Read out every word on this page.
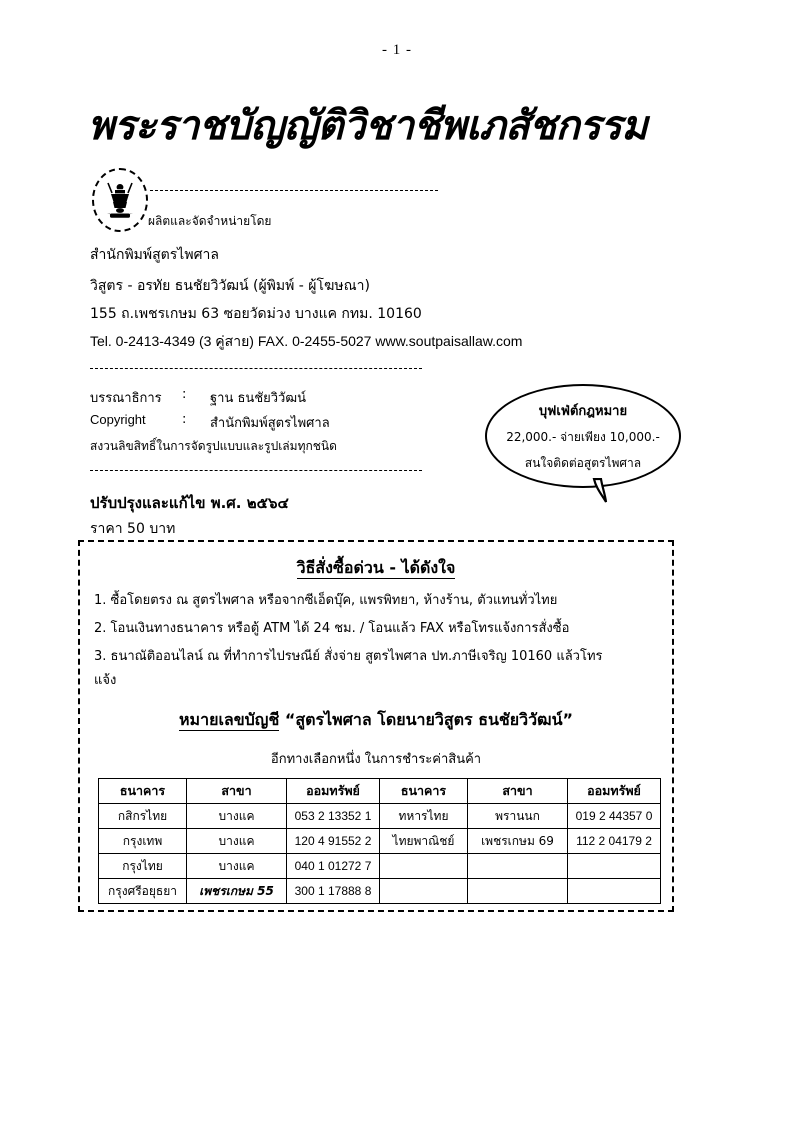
- 1 -
พระราชบัญญัติวิชาชีพเภสัชกรรม
ผลิตและจัดจำหน่ายโดย
สำนักพิมพ์สูตรไพศาล
วิสูตร - อรทัย ธนชัยวิวัฒน์ (ผู้พิมพ์ - ผู้โฆษณา)
155 ถ.เพชรเกษม 63 ซอยวัดม่วง บางแค กทม. 10160
Tel. 0-2413-4349 (3 คู่สาย) FAX. 0-2455-5027 www.soutpaisallaw.com
บรรณาธิการ : ฐาน ธนชัยวิวัฒน์
Copyright	: สำนักพิมพ์สูตรไพศาล
สงวนลิขสิทธิ์ในการจัดรูปแบบและรูปเล่มทุกชนิด
ปรับปรุงและแก้ไข พ.ศ. ๒๕๖๔
ราคา 50 บาท
บุฟเฟ่ต์กฎหมาย
22,000.- จ่ายเพียง 10,000.-
สนใจติดต่อสูตรไพศาล
วิธีสั่งซื้อด่วน - ได้ดังใจ
1. ซื้อโดยตรง ณ สูตรไพศาล หรือจากซีเอ็ดบุ๊ค, แพรพิทยา, ห้างร้าน, ตัวแทนทั่วไทย
2. โอนเงินทางธนาคาร หรือตู้ ATM ได้ 24 ชม. / โอนแล้ว FAX หรือโทรแจ้งการสั่งซื้อ
3. ธนาณัติออนไลน์ ณ ที่ทำการไปรษณีย์ สั่งจ่าย สูตรไพศาล ปท.ภาษีเจริญ 10160 แล้วโทร
แจ้ง
หมายเลขบัญชี “สูตรไพศาล โดยนายวิสูตร ธนชัยวิวัฒน์”
อีกทางเลือกหนึ่ง ในการชำระค่าสินค้า
ธนาคาร	สาขา	ออมทรัพย์	ธนาคาร	สาขา	ออมทรัพย์
กสิกรไทย	บางแค	053 2 13352 1	ทหารไทย	พรานนก	019 2 44357 0
กรุงเทพ	บางแค	120 4 91552 2	ไทยพาณิชย์	เพชรเกษม 69	112 2 04179 2
กรุงไทย	บางแค	040 1 01272 7			
กรุงศรีอยุธยา	เพชรเกษม 55	300 1 17888 8			
